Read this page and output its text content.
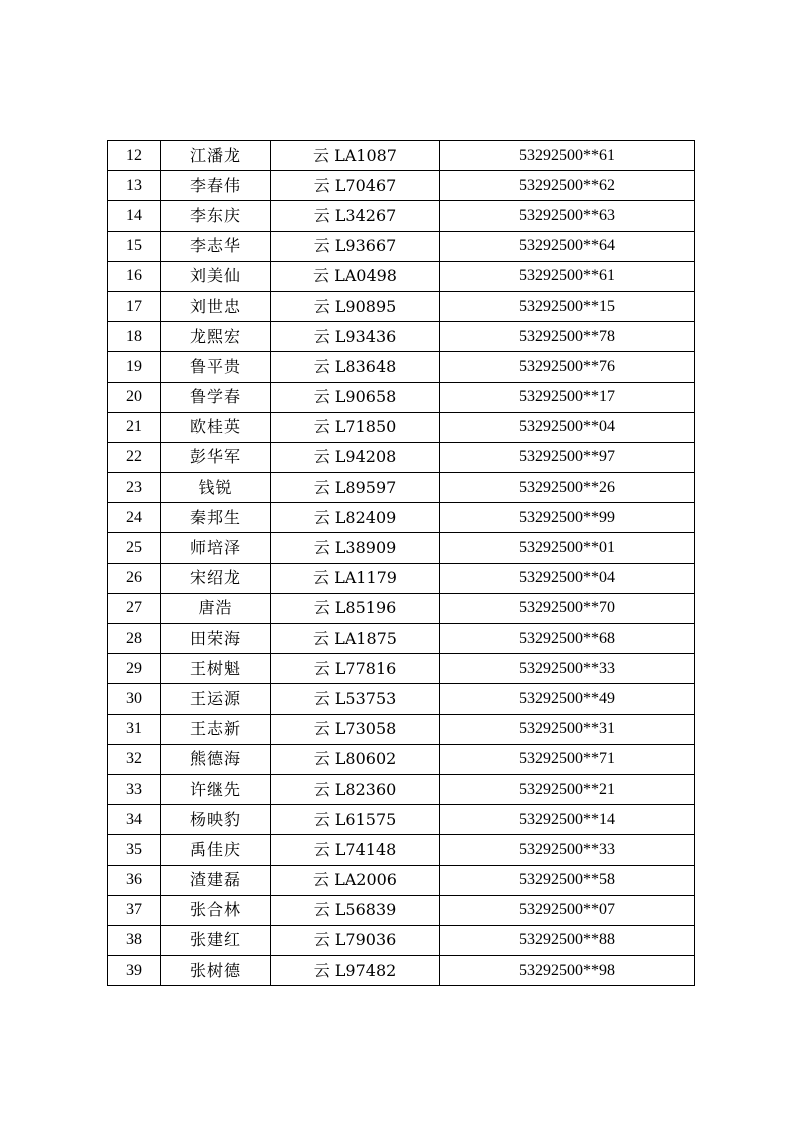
12	江潘龙	云 LA1087	53292500**61
13	李春伟	云 L70467	53292500**62
14	李东庆	云 L34267	53292500**63
15	李志华	云 L93667	53292500**64
16	刘美仙	云 LA0498	53292500**61
17	刘世忠	云 L90895	53292500**15
18	龙熙宏	云 L93436	53292500**78
19	鲁平贵	云 L83648	53292500**76
20	鲁学春	云 L90658	53292500**17
21	欧桂英	云 L71850	53292500**04
22	彭华军	云 L94208	53292500**97
23	钱锐	云 L89597	53292500**26
24	秦邦生	云 L82409	53292500**99
25	师培泽	云 L38909	53292500**01
26	宋绍龙	云 LA1179	53292500**04
27	唐浩	云 L85196	53292500**70
28	田荣海	云 LA1875	53292500**68
29	王树魁	云 L77816	53292500**33
30	王运源	云 L53753	53292500**49
31	王志新	云 L73058	53292500**31
32	熊德海	云 L80602	53292500**71
33	许继先	云 L82360	53292500**21
34	杨映豹	云 L61575	53292500**14
35	禹佳庆	云 L74148	53292500**33
36	渣建磊	云 LA2006	53292500**58
37	张合林	云 L56839	53292500**07
38	张建红	云 L79036	53292500**88
39	张树德	云 L97482	53292500**98
